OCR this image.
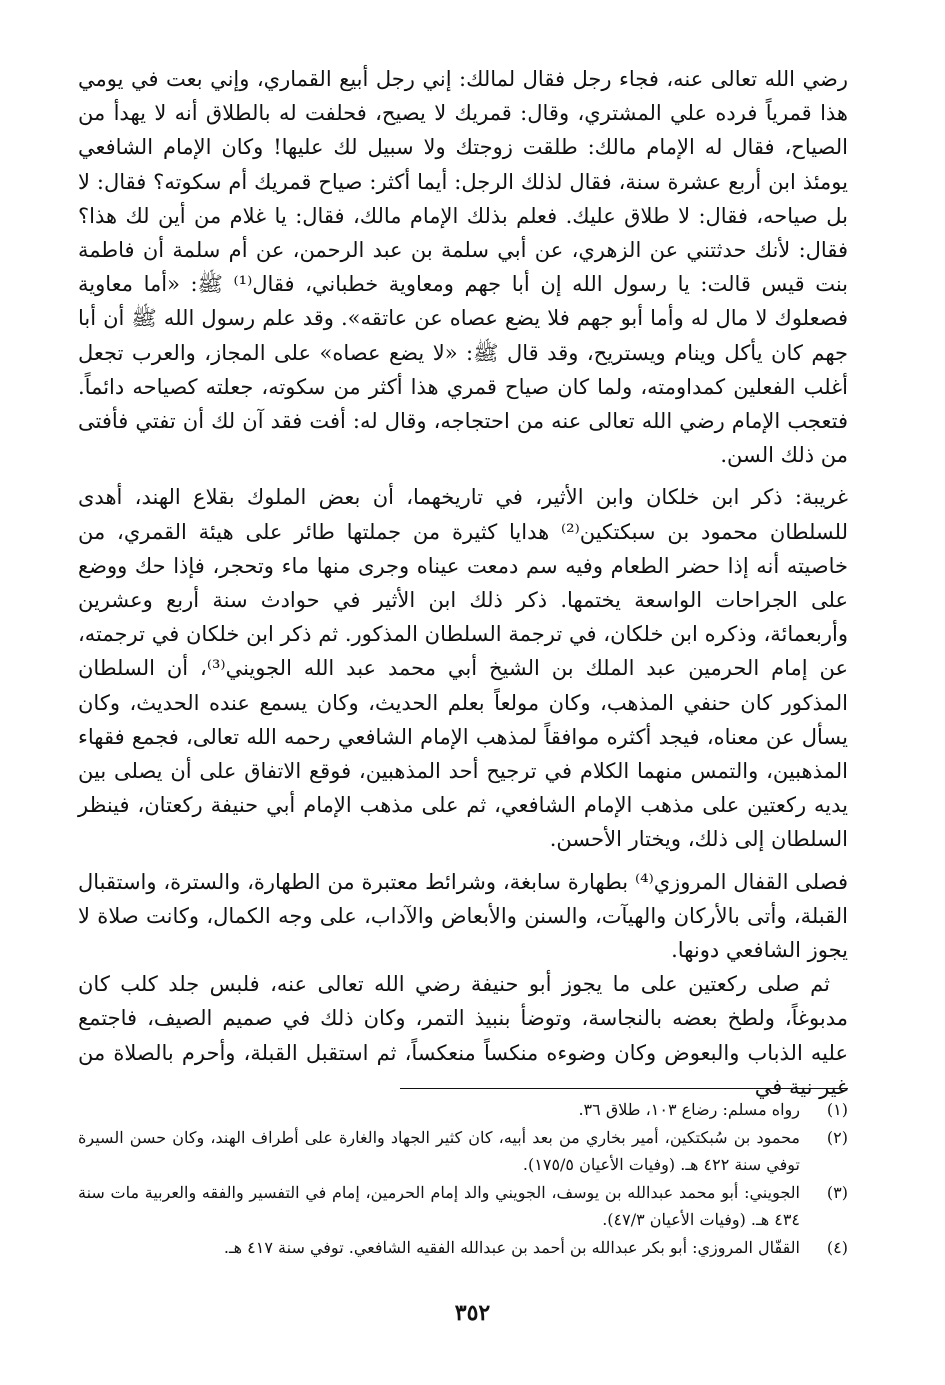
رضي الله تعالى عنه، فجاء رجل فقال لمالك: إني رجل أبيع القماري، وإني بعت في يومي هذا قمرياً فرده علي المشتري، وقال: قمريك لا يصيح، فحلفت له بالطلاق أنه لا يهدأ من الصياح، فقال له الإمام مالك: طلقت زوجتك ولا سبيل لك عليها! وكان الإمام الشافعي يومئذ ابن أربع عشرة سنة، فقال لذلك الرجل: أيما أكثر: صياح قمريك أم سكوته؟ فقال: لا بل صياحه، فقال: لا طلاق عليك. فعلم بذلك الإمام مالك، فقال: يا غلام من أين لك هذا؟ فقال: لأنك حدثتني عن الزهري، عن أبي سلمة بن عبد الرحمن، عن أم سلمة أن فاطمة بنت قيس قالت: يا رسول الله إن أبا جهم ومعاوية خطباني، فقال⁽¹⁾ ﷺ: «أما معاوية فصعلوك لا مال له وأما أبو جهم فلا يضع عصاه عن عاتقه». وقد علم رسول الله ﷺ أن أبا جهم كان يأكل وينام ويستريح، وقد قال ﷺ: «لا يضع عصاه» على المجاز، والعرب تجعل أغلب الفعلين كمداومته، ولما كان صياح قمري هذا أكثر من سكوته، جعلته كصياحه دائماً. فتعجب الإمام رضي الله تعالى عنه من احتجاجه، وقال له: أفت فقد آن لك أن تفتي فأفتى من ذلك السن.

غريبة: ذكر ابن خلكان وابن الأثير، في تاريخهما، أن بعض الملوك بقلاع الهند، أهدى للسلطان محمود بن سبكتكين⁽²⁾ هدايا كثيرة من جملتها طائر على هيئة القمري، من خاصيته أنه إذا حضر الطعام وفيه سم دمعت عيناه وجرى منها ماء وتحجر، فإذا حك ووضع على الجراحات الواسعة يختمها. ذكر ذلك ابن الأثير في حوادث سنة أربع وعشرين وأربعمائة، وذكره ابن خلكان، في ترجمة السلطان المذكور. ثم ذكر ابن خلكان في ترجمته، عن إمام الحرمين عبد الملك بن الشيخ أبي محمد عبد الله الجويني⁽³⁾، أن السلطان المذكور كان حنفي المذهب، وكان مولعاً بعلم الحديث، وكان يسمع عنده الحديث، وكان يسأل عن معناه، فيجد أكثره موافقاً لمذهب الإمام الشافعي رحمه الله تعالى، فجمع فقهاء المذهبين، والتمس منهما الكلام في ترجيح أحد المذهبين، فوقع الاتفاق على أن يصلى بين يديه ركعتين على مذهب الإمام الشافعي، ثم على مذهب الإمام أبي حنيفة ركعتان، فينظر السلطان إلى ذلك، ويختار الأحسن.

فصلى القفال المروزي⁽⁴⁾ بطهارة سابغة، وشرائط معتبرة من الطهارة، والسترة، واستقبال القبلة، وأتى بالأركان والهيآت، والسنن والأبعاض والآداب، على وجه الكمال، وكانت صلاة لا يجوز الشافعي دونها.

ثم صلى ركعتين على ما يجوز أبو حنيفة رضي الله تعالى عنه، فلبس جلد كلب كان مدبوغاً، ولطخ بعضه بالنجاسة، وتوضأ بنبيذ التمر، وكان ذلك في صميم الصيف، فاجتمع عليه الذباب والبعوض وكان وضوءه منكساً منعكساً، ثم استقبل القبلة، وأحرم بالصلاة من غير نية في

(١)
رواه مسلم: رضاع ١٠٣، طلاق ٣٦.
(٢)
محمود بن سُبكتكين، أمير بخاري من بعد أبيه، كان كثير الجهاد والغارة على أطراف الهند، وكان حسن السيرة توفي سنة ٤٢٢ هـ. (وفيات الأعيان ١٧٥/٥).
(٣)
الجويني: أبو محمد عبدالله بن يوسف، الجويني والد إمام الحرمين، إمام في التفسير والفقه والعربية مات سنة ٤٣٤ هـ. (وفيات الأعيان ٤٧/٣).
(٤)
القفّال المروزي: أبو بكر عبدالله بن أحمد بن عبدالله الفقيه الشافعي. توفي سنة ٤١٧ هـ.
٣٥٢
